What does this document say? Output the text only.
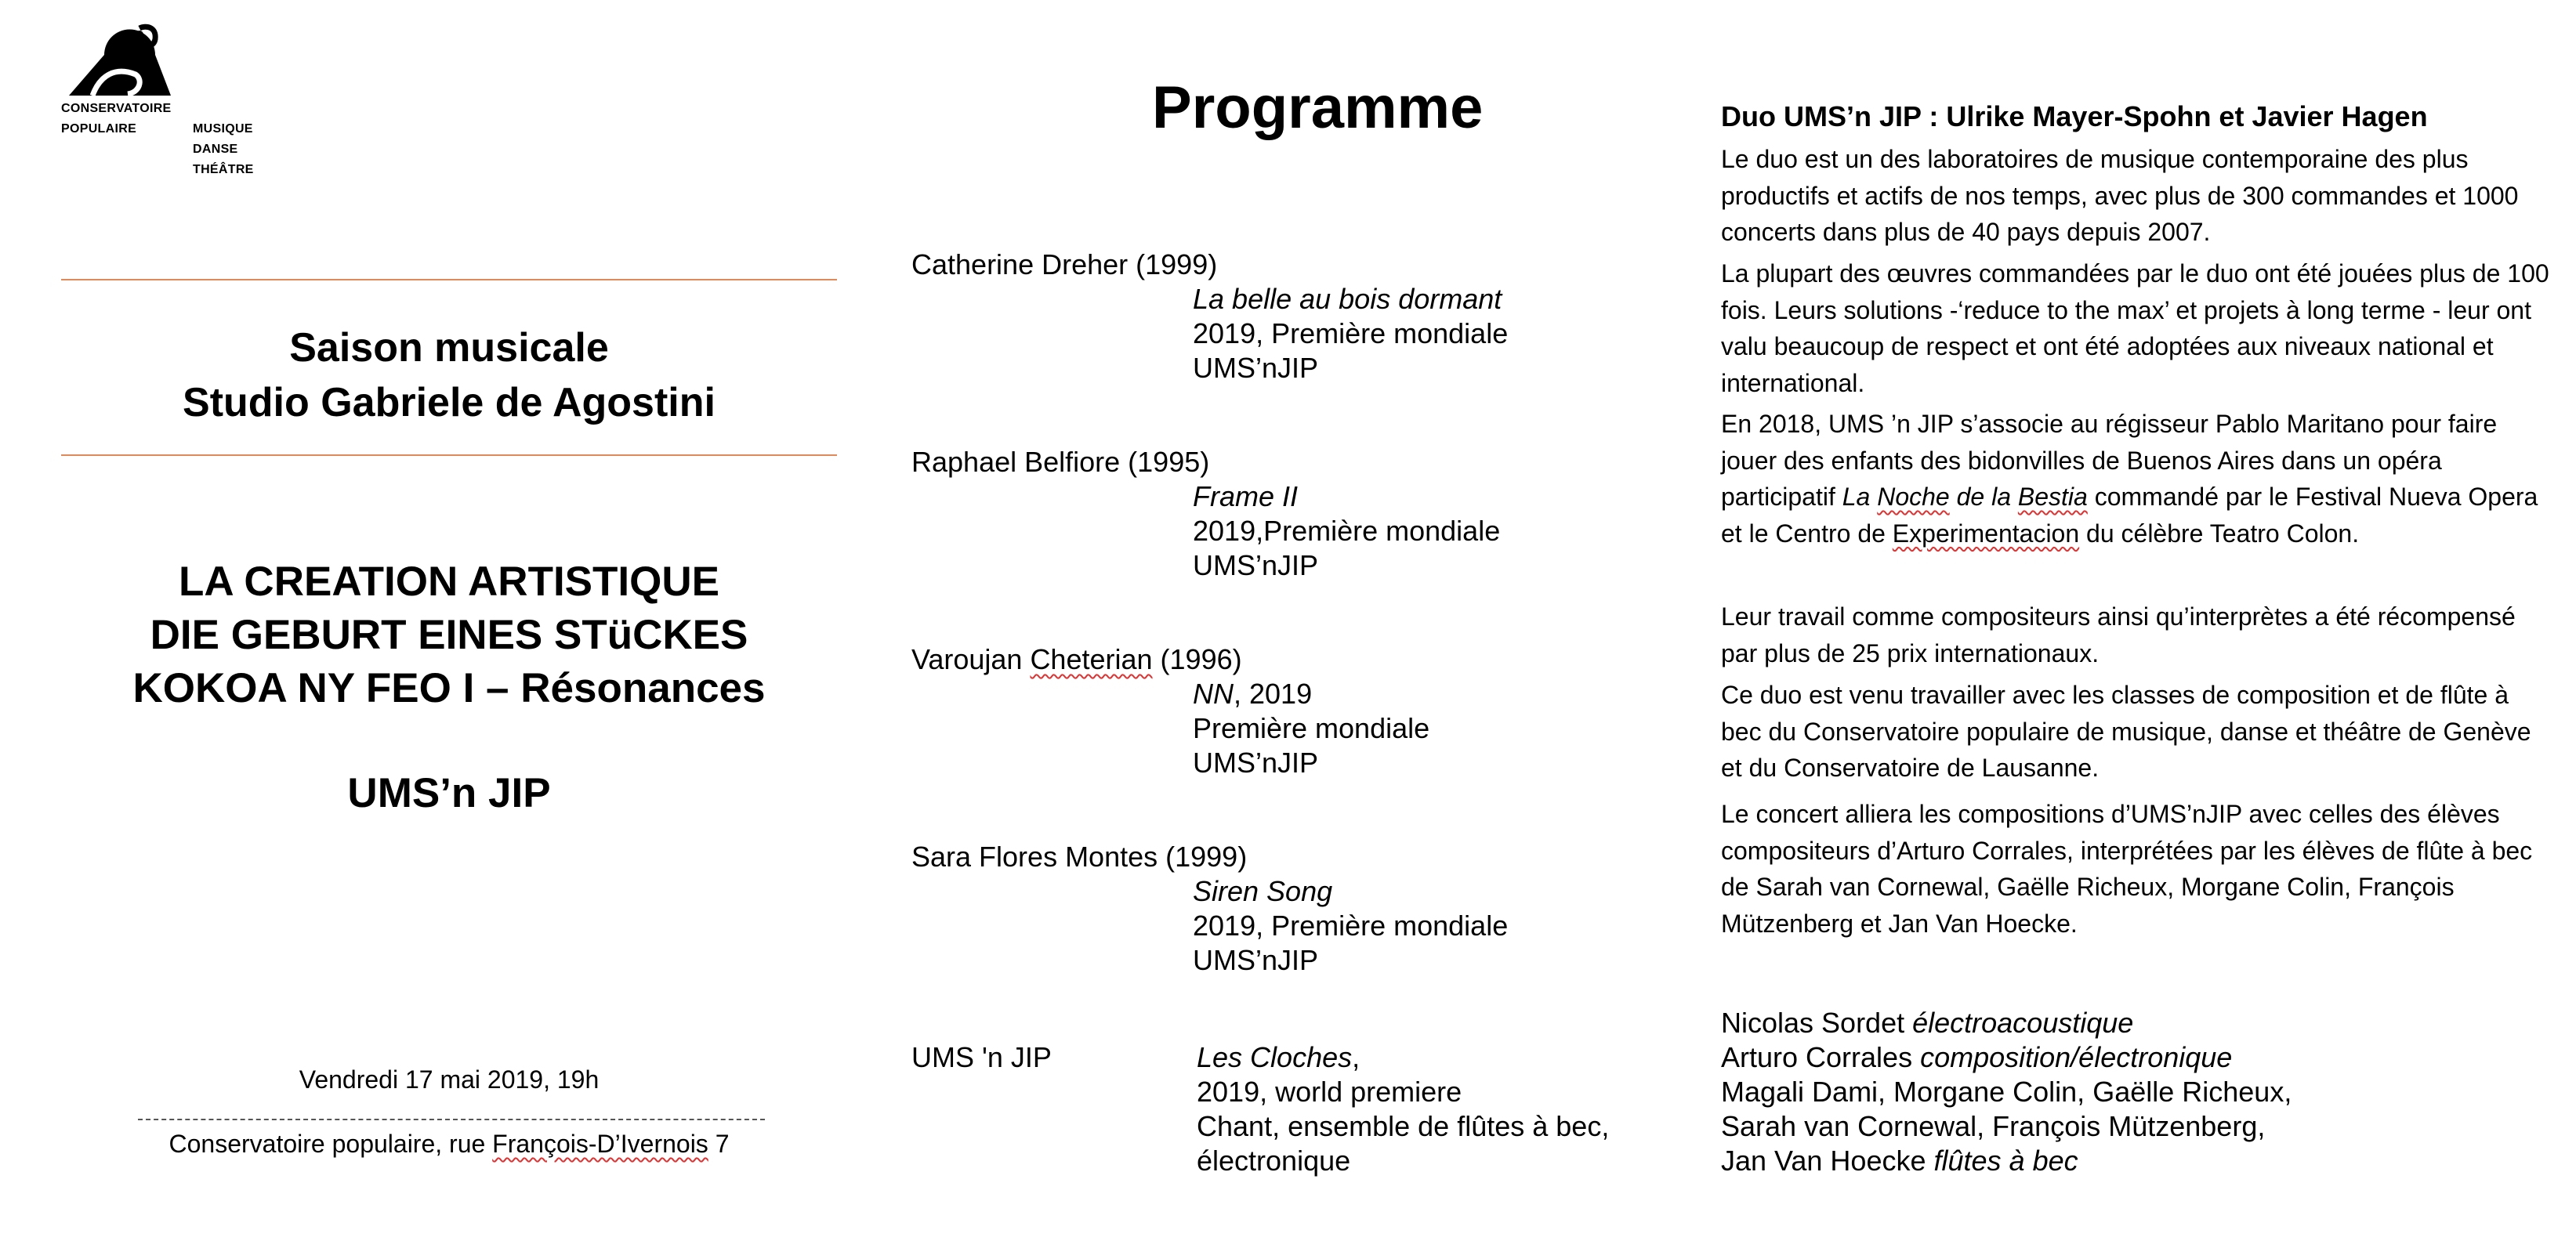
CONSERVATOIRE
POPULAIRE	MUSIQUE
DANSE
THÉÂTRE
Saison musicale
Studio Gabriele de Agostini
LA CREATION ARTISTIQUE
DIE GEBURT EINES STüCKES
KOKOA NY FEO I – Résonances
UMS’n JIP
Vendredi 17 mai 2019, 19h
Conservatoire populaire, rue François-D’Ivernois 7
Programme
Catherine Dreher (1999)
La belle au bois dormant
2019, Première mondiale
UMS’nJIP
Raphael Belfiore (1995)
Frame II
2019,Première mondiale
UMS’nJIP
Varoujan Cheterian (1996)
NN, 2019
Première mondiale
UMS’nJIP
Sara Flores Montes (1999)
Siren Song
2019, Première mondiale
UMS’nJIP
UMS 'n JIP	Les Cloches,
2019, world premiere
Chant, ensemble de flûtes à bec,
électronique
Duo UMS’n JIP : Ulrike Mayer-Spohn et Javier Hagen
Le duo est un des laboratoires de musique contemporaine des plus productifs et actifs de nos temps, avec plus de 300 commandes et 1000 concerts dans plus de 40 pays depuis 2007.
La plupart des œuvres commandées par le duo ont été jouées plus de 100 fois. Leurs solutions -‘reduce to the max’ et projets à long terme - leur ont valu beaucoup de respect et ont été adoptées aux niveaux national et international.
En 2018, UMS ’n JIP s’associe au régisseur Pablo Maritano pour faire jouer des enfants des bidonvilles de Buenos Aires dans un opéra participatif La Noche de la Bestia commandé par le Festival Nueva Opera et le Centro de Experimentacion du célèbre Teatro Colon.
Leur travail comme compositeurs ainsi qu’interprètes a été récompensé par plus de 25 prix internationaux.
Ce duo est venu travailler avec les classes de composition et de flûte à bec du Conservatoire populaire de musique, danse et théâtre de Genève et du Conservatoire de Lausanne.
Le concert alliera les compositions d’UMS’nJIP avec celles des élèves compositeurs d’Arturo Corrales, interprétées par les élèves de flûte à bec de Sarah van Cornewal, Gaëlle Richeux, Morgane Colin, François Mützenberg et Jan Van Hoecke.
Nicolas Sordet électroacoustique
Arturo Corrales composition/électronique
Magali Dami, Morgane Colin, Gaëlle Richeux,
Sarah van Cornewal, François Mützenberg,
Jan Van Hoecke flûtes à bec
